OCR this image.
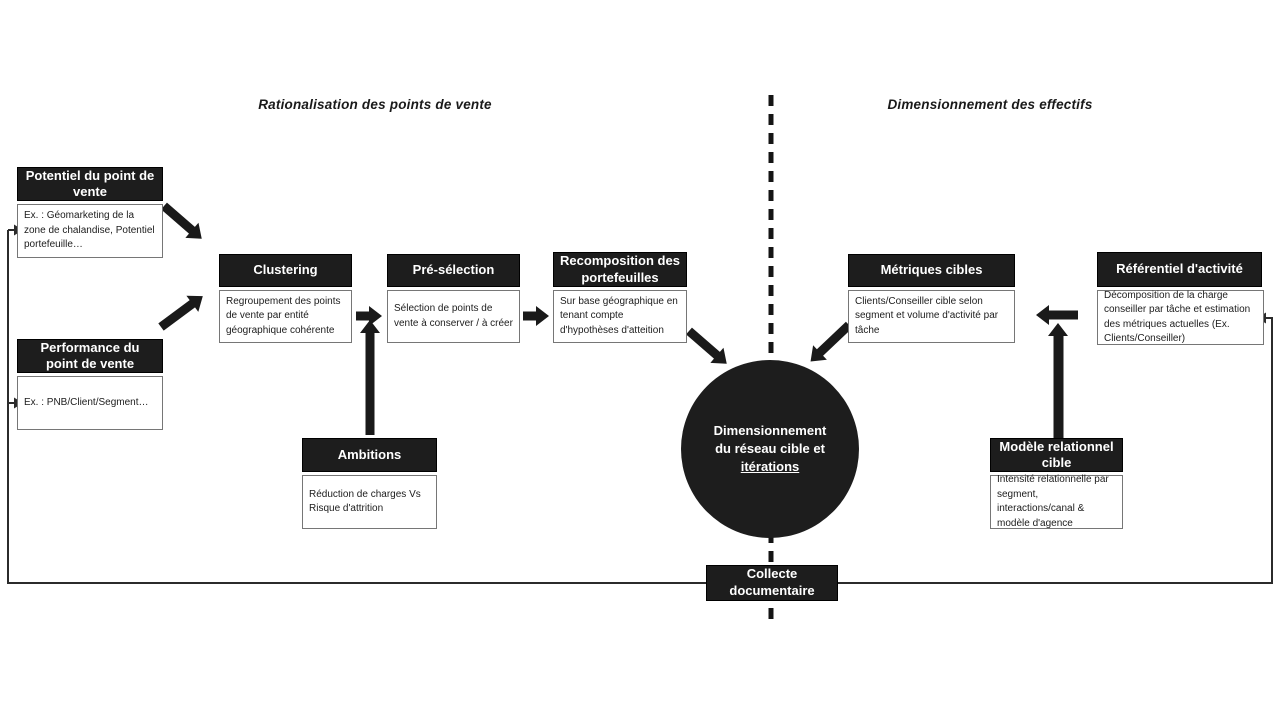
Rationalisation des points de vente	Dimensionnement des effectifs
Potentiel du point de vente
Ex. : Géomarketing de la zone de chalandise, Potentiel portefeuille…
Performance du point de vente
Ex. : PNB/Client/Segment…
Clustering
Regroupement des points de vente par entité géographique cohérente
Pré-sélection
Sélection de points de vente à conserver / à créer
Recomposition des portefeuilles
Sur base géographique en tenant compte d'hypothèses d'atteition
Ambitions
Réduction de charges Vs Risque d'attrition
Métriques cibles
Clients/Conseiller cible selon segment et volume d'activité par tâche
Référentiel d'activité
Décomposition de la charge conseiller par tâche et estimation des métriques actuelles (Ex. Clients/Conseiller)
Modèle relationnel cible
Intensité relationnelle par segment, interactions/canal & modèle d'agence
Dimensionnement du réseau cible et
itérations
Collecte documentaire
